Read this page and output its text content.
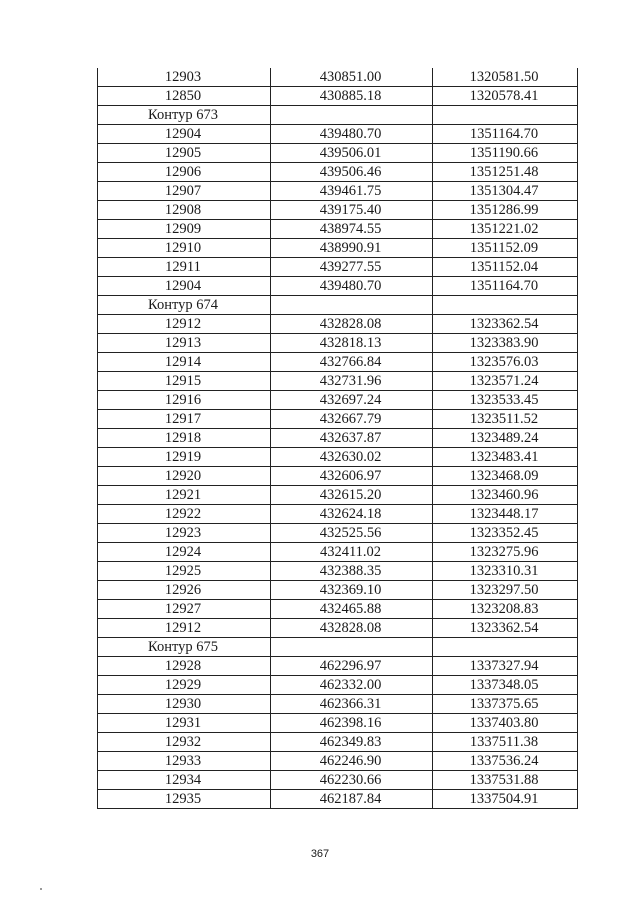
12903	430851.00	1320581.50
12850	430885.18	1320578.41
Контур 673		
12904	439480.70	1351164.70
12905	439506.01	1351190.66
12906	439506.46	1351251.48
12907	439461.75	1351304.47
12908	439175.40	1351286.99
12909	438974.55	1351221.02
12910	438990.91	1351152.09
12911	439277.55	1351152.04
12904	439480.70	1351164.70
Контур 674		
12912	432828.08	1323362.54
12913	432818.13	1323383.90
12914	432766.84	1323576.03
12915	432731.96	1323571.24
12916	432697.24	1323533.45
12917	432667.79	1323511.52
12918	432637.87	1323489.24
12919	432630.02	1323483.41
12920	432606.97	1323468.09
12921	432615.20	1323460.96
12922	432624.18	1323448.17
12923	432525.56	1323352.45
12924	432411.02	1323275.96
12925	432388.35	1323310.31
12926	432369.10	1323297.50
12927	432465.88	1323208.83
12912	432828.08	1323362.54
Контур 675		
12928	462296.97	1337327.94
12929	462332.00	1337348.05
12930	462366.31	1337375.65
12931	462398.16	1337403.80
12932	462349.83	1337511.38
12933	462246.90	1337536.24
12934	462230.66	1337531.88
12935	462187.84	1337504.91
367
